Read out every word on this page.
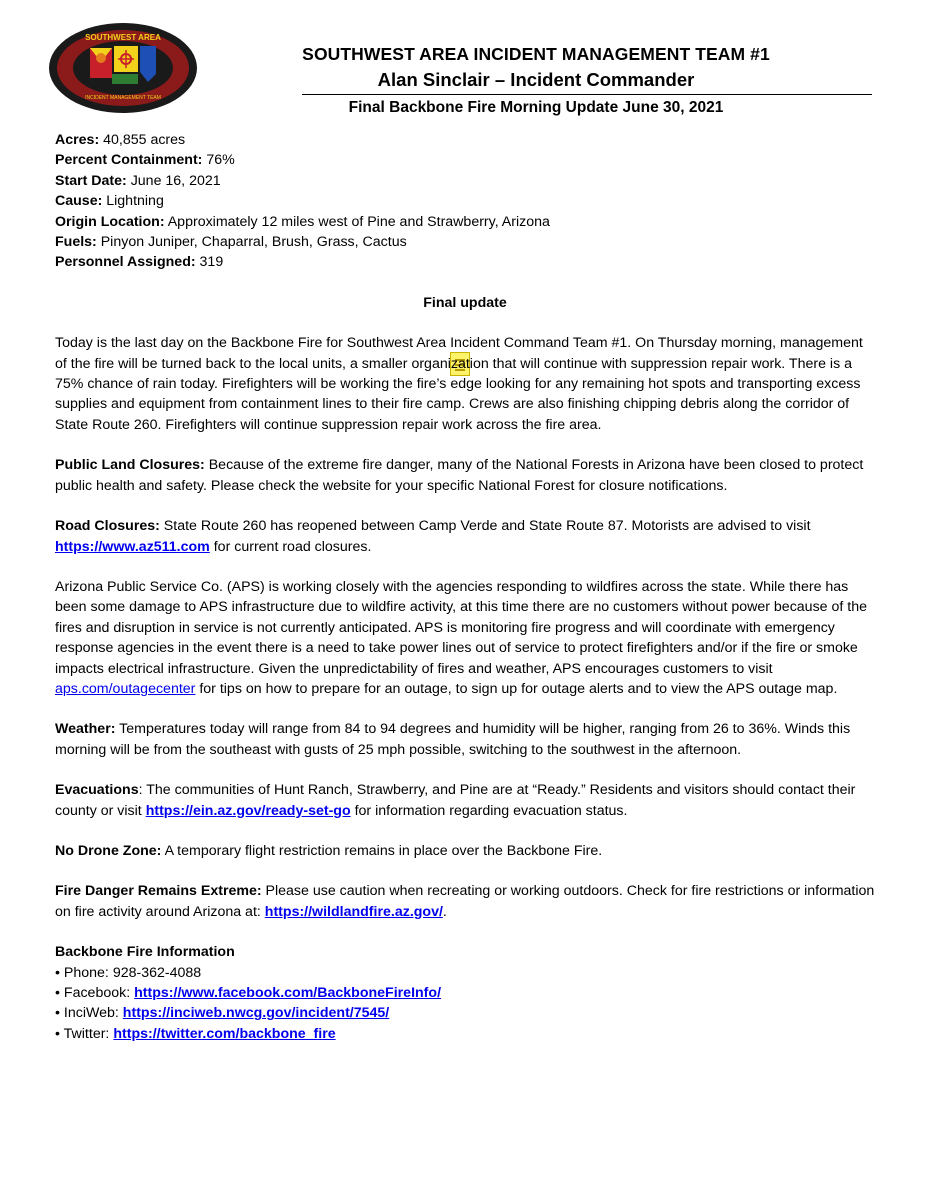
SOUTHWEST AREA
INCIDENT MANAGEMENT TEAM
SOUTHWEST AREA INCIDENT MANAGEMENT TEAM #1
Alan Sinclair – Incident Commander
Final Backbone Fire Morning Update June 30, 2021

Acres: 40,855 acres

Percent Containment: 76%

Start Date: June 16, 2021

Cause: Lightning

Origin Location: Approximately 12 miles west of Pine and Strawberry, Arizona

Fuels: Pinyon Juniper, Chaparral, Brush, Grass, Cactus

Personnel Assigned: 319

Final update

Today is the last day on the Backbone Fire for Southwest Area Incident Command Team #1. On Thursday morning, management of the fire will be turned back to the local units, a smaller organization that will continue with suppression repair work. There is a 75% chance of rain today. Firefighters will be working the fire’s edge looking for any remaining hot spots and transporting excess supplies and equipment from containment lines to their fire camp. Crews are also finishing chipping debris along the corridor of State Route 260. Firefighters will continue suppression repair work across the fire area.

Public Land Closures: Because of the extreme fire danger, many of the National Forests in Arizona have been closed to protect public health and safety. Please check the website for your specific National Forest for closure notifications.

Road Closures: State Route 260 has reopened between Camp Verde and State Route 87. Motorists are advised to visit https://www.az511.com for current road closures.

Arizona Public Service Co. (APS) is working closely with the agencies responding to wildfires across the state. While there has been some damage to APS infrastructure due to wildfire activity, at this time there are no customers without power because of the fires and disruption in service is not currently anticipated. APS is monitoring fire progress and will coordinate with emergency response agencies in the event there is a need to take power lines out of service to protect firefighters and/or if the fire or smoke impacts electrical infrastructure. Given the unpredictability of fires and weather, APS encourages customers to visit aps.com/outagecenter for tips on how to prepare for an outage, to sign up for outage alerts and to view the APS outage map.

Weather: Temperatures today will range from 84 to 94 degrees and humidity will be higher, ranging from 26 to 36%. Winds this morning will be from the southeast with gusts of 25 mph possible, switching to the southwest in the afternoon.

Evacuations: The communities of Hunt Ranch, Strawberry, and Pine are at “Ready.” Residents and visitors should contact their county or visit https://ein.az.gov/ready-set-go for information regarding evacuation status.

No Drone Zone: A temporary flight restriction remains in place over the Backbone Fire.

Fire Danger Remains Extreme: Please use caution when recreating or working outdoors. Check for fire restrictions or information on fire activity around Arizona at: https://wildlandfire.az.gov/.

Backbone Fire Information

• Phone: 928-362-4088

• Facebook: https://www.facebook.com/BackboneFireInfo/

• InciWeb: https://inciweb.nwcg.gov/incident/7545/

• Twitter: https://twitter.com/backbone_fire
